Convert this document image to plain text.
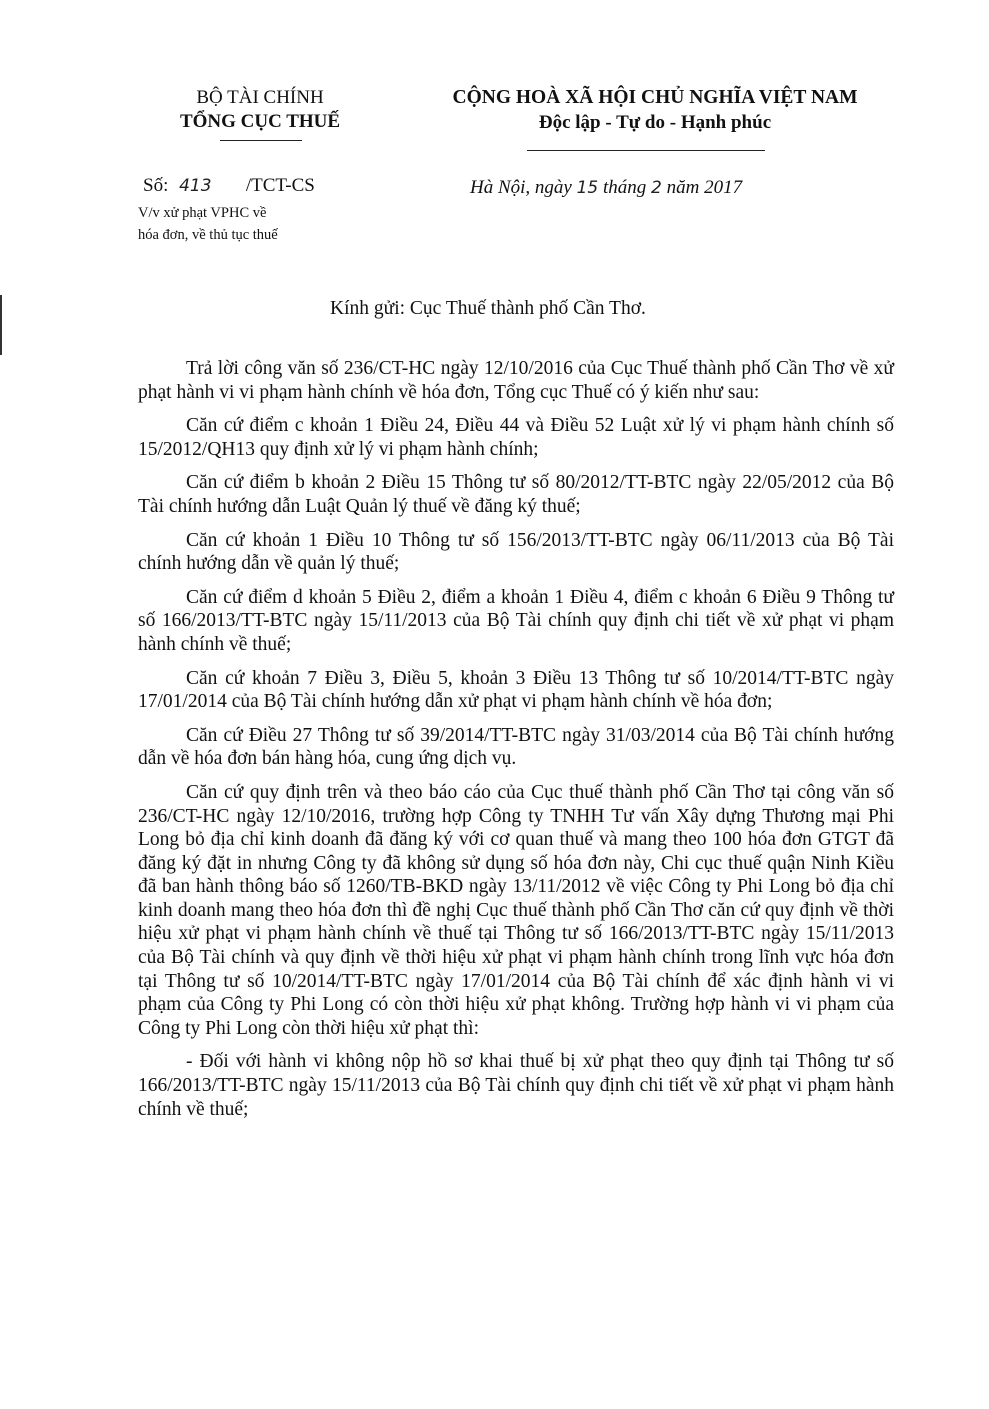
BỘ TÀI CHÍNH
TỔNG CỤC THUẾ
CỘNG HOÀ XÃ HỘI CHỦ NGHĨA VIỆT NAM
Độc lập - Tự do - Hạnh phúc
Số: 413 /TCT-CS
V/v xử phạt VPHC về
hóa đơn, về thủ tục thuế
Hà Nội, ngày 15 tháng 2 năm 2017
Kính gửi: Cục Thuế thành phố Cần Thơ.

Trả lời công văn số 236/CT-HC ngày 12/10/2016 của Cục Thuế thành phố Cần Thơ về xử phạt hành vi vi phạm hành chính về hóa đơn, Tổng cục Thuế có ý kiến như sau:

Căn cứ điểm c khoản 1 Điều 24, Điều 44 và Điều 52 Luật xử lý vi phạm hành chính số 15/2012/QH13 quy định xử lý vi phạm hành chính;

Căn cứ điểm b khoản 2 Điều 15 Thông tư số 80/2012/TT-BTC ngày 22/05/2012 của Bộ Tài chính hướng dẫn Luật Quản lý thuế về đăng ký thuế;

Căn cứ khoản 1 Điều 10 Thông tư số 156/2013/TT-BTC ngày 06/11/2013 của Bộ Tài chính hướng dẫn về quản lý thuế;

Căn cứ điểm d khoản 5 Điều 2, điểm a khoản 1 Điều 4, điểm c khoản 6 Điều 9 Thông tư số 166/2013/TT-BTC ngày 15/11/2013 của Bộ Tài chính quy định chi tiết về xử phạt vi phạm hành chính về thuế;

Căn cứ khoản 7 Điều 3, Điều 5, khoản 3 Điều 13 Thông tư số 10/2014/TT-BTC ngày 17/01/2014 của Bộ Tài chính hướng dẫn xử phạt vi phạm hành chính về hóa đơn;

Căn cứ Điều 27 Thông tư số 39/2014/TT-BTC ngày 31/03/2014 của Bộ Tài chính hướng dẫn về hóa đơn bán hàng hóa, cung ứng dịch vụ.

Căn cứ quy định trên và theo báo cáo của Cục thuế thành phố Cần Thơ tại công văn số 236/CT-HC ngày 12/10/2016, trường hợp Công ty TNHH Tư vấn Xây dựng Thương mại Phi Long bỏ địa chỉ kinh doanh đã đăng ký với cơ quan thuế và mang theo 100 hóa đơn GTGT đã đăng ký đặt in nhưng Công ty đã không sử dụng số hóa đơn này, Chi cục thuế quận Ninh Kiều đã ban hành thông báo số 1260/TB-BKD ngày 13/11/2012 về việc Công ty Phi Long bỏ địa chỉ kinh doanh mang theo hóa đơn thì đề nghị Cục thuế thành phố Cần Thơ căn cứ quy định về thời hiệu xử phạt vi phạm hành chính về thuế tại Thông tư số 166/2013/TT-BTC ngày 15/11/2013 của Bộ Tài chính và quy định về thời hiệu xử phạt vi phạm hành chính trong lĩnh vực hóa đơn tại Thông tư số 10/2014/TT-BTC ngày 17/01/2014 của Bộ Tài chính để xác định hành vi vi phạm của Công ty Phi Long có còn thời hiệu xử phạt không. Trường hợp hành vi vi phạm của Công ty Phi Long còn thời hiệu xử phạt thì:

- Đối với hành vi không nộp hồ sơ khai thuế bị xử phạt theo quy định tại Thông tư số 166/2013/TT-BTC ngày 15/11/2013 của Bộ Tài chính quy định chi tiết về xử phạt vi phạm hành chính về thuế;
